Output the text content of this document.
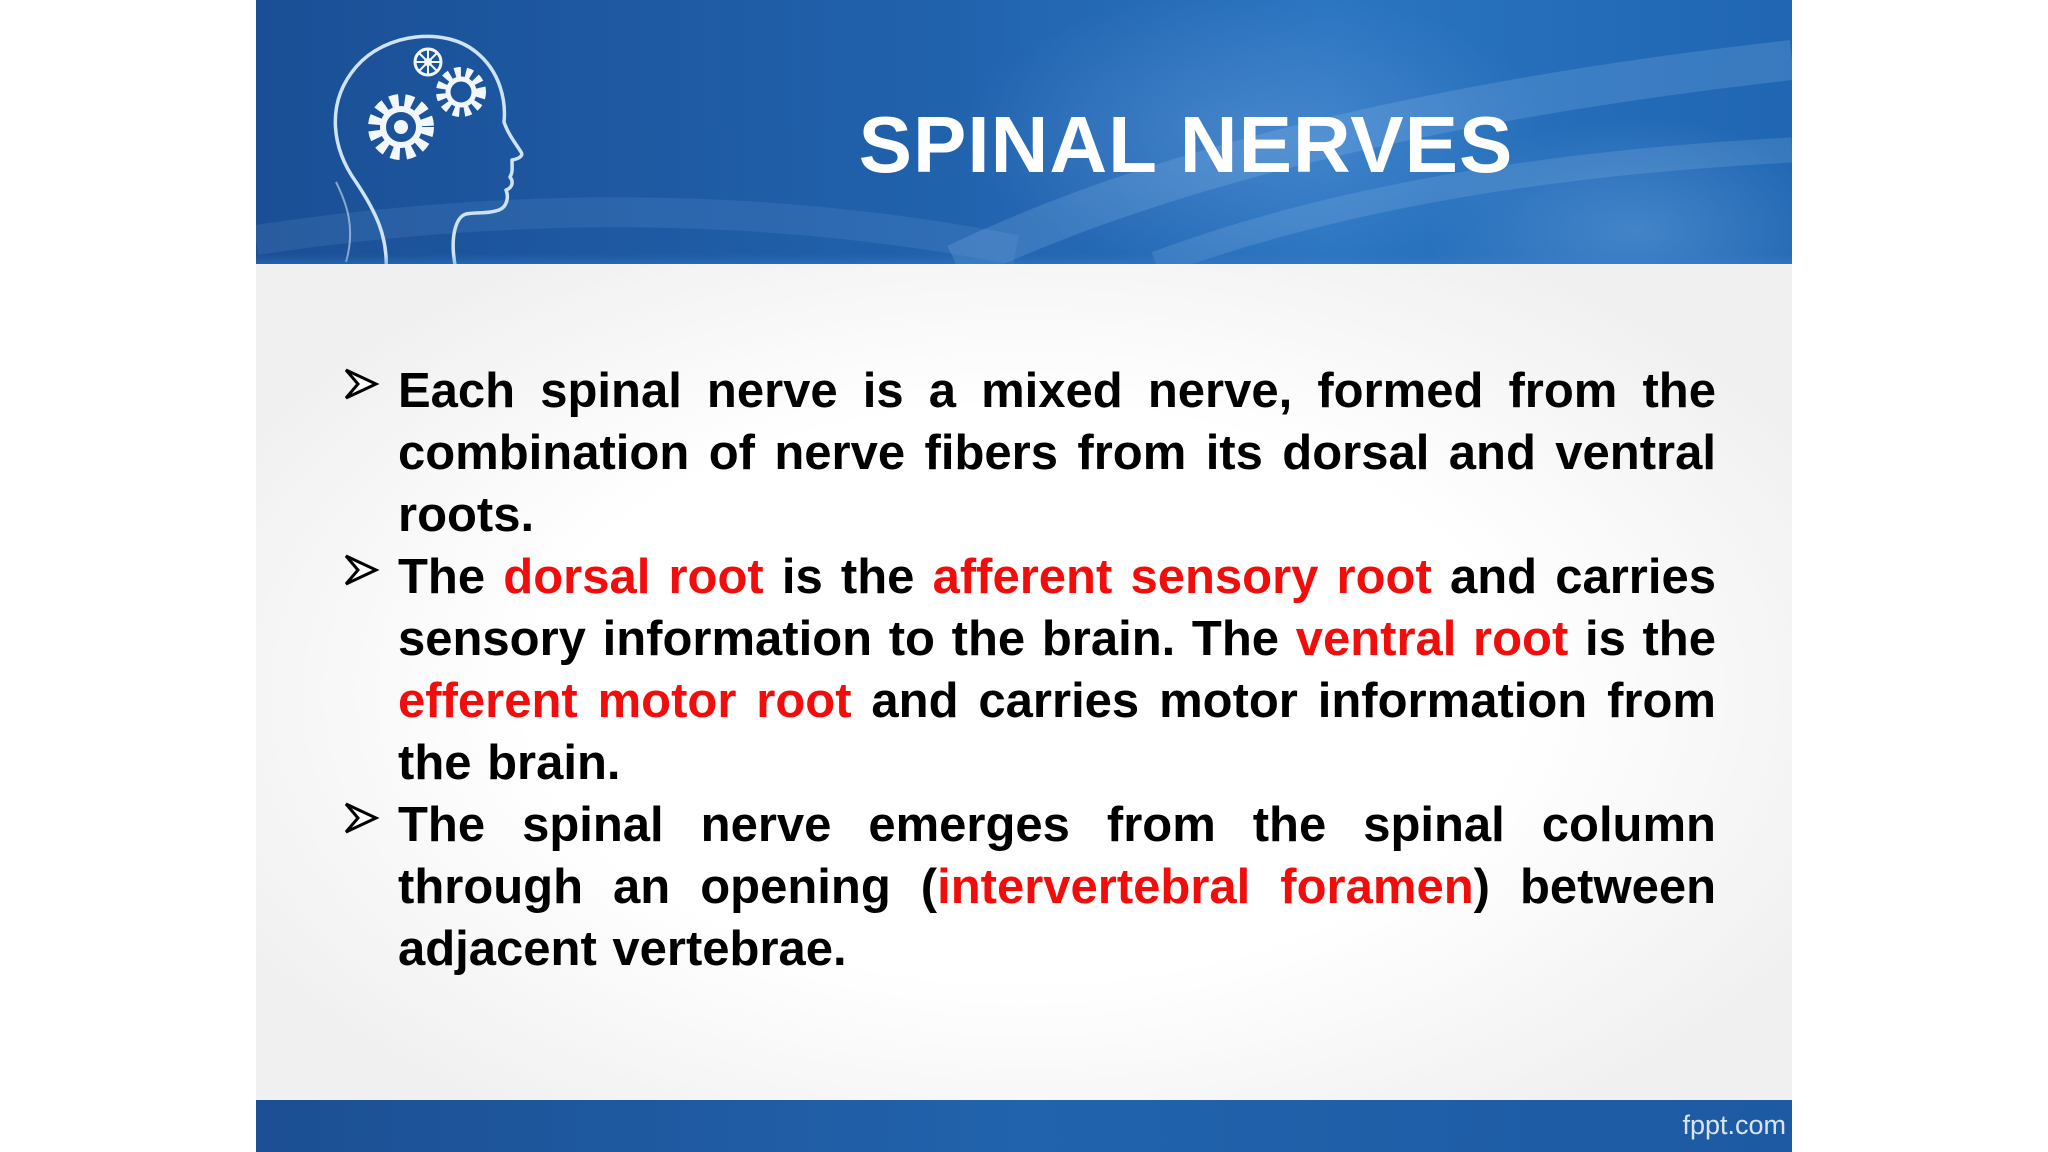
SPINAL NERVES
Each spinal nerve is a mixed nerve, formed from the combination of nerve fibers from its dorsal and ventral roots.
The dorsal root is the afferent sensory root and carries sensory information to the brain. The ventral root is the efferent motor root and carries motor information from the brain.
The spinal nerve emerges from the spinal column through an opening (intervertebral foramen) between adjacent vertebrae.
fppt.com
